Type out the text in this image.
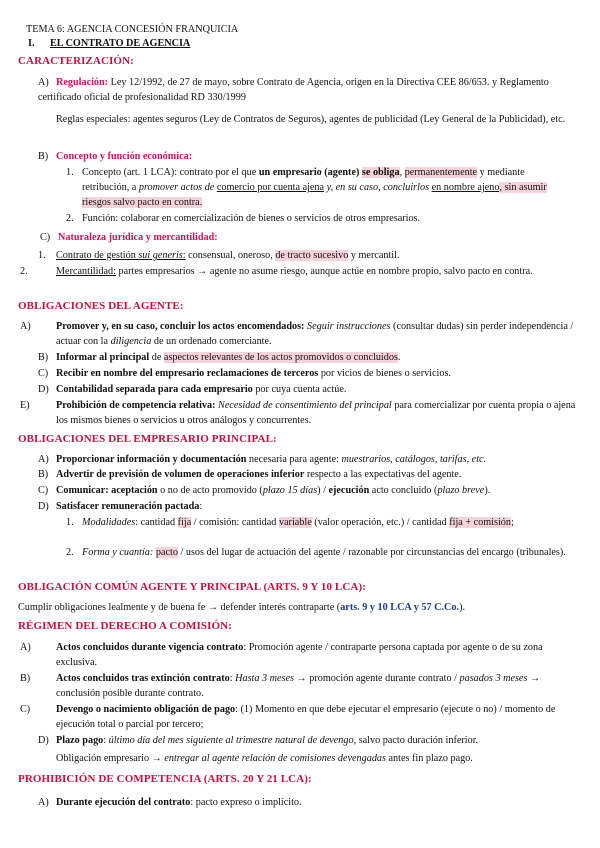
TEMA 6: AGENCIA CONCESIÓN FRANQUICIA
I. EL CONTRATO DE AGENCIA
CARACTERIZACIÓN:

A) Regulación: Ley 12/1992, de 27 de mayo, sobre Contrato de Agencia, origen en la Directiva CEE 86/653. y Reglamento certificado oficial de profesionalidad RD 330/1999

Reglas especiales: agentes seguros (Ley de Contratos de Seguros), agentes de publicidad (Ley General de la Publicidad), etc.

B) Concepto y función económica:

1. Concepto (art. 1 LCA): contrato por el que un empresario (agente) se obliga, permanentemente y mediante retribución, a promover actos de comercio por cuenta ajena y, en su caso, concluirlos en nombre ajeno, sin asumir riesgos salvo pacto en contra.

2. Función: colaborar en comercialización de bienes o servicios de otros empresarios.

C) Naturaleza jurídica y mercantilidad:

1. Contrato de gestión sui generis: consensual, oneroso, de tracto sucesivo y mercantil.

2.	Mercantilidad: partes empresarios → agente no asume riesgo, aunque actúe en nombre propio, salvo pacto en contra.

OBLIGACIONES DEL AGENTE:

A) Promover y, en su caso, concluir los actos encomendados: Seguir instrucciones (consultar dudas) sin perder independencia / actuar con la diligencia de un ordenado comerciante.

B) Informar al principal de aspectos relevantes de los actos promovidos o concluidos.

C) Recibir en nombre del empresario reclamaciones de terceros por vicios de bienes o servicios.

D) Contabilidad separada para cada empresario por cuya cuenta actúe.

E)	Prohibición de competencia relativa: Necesidad de consentimiento del principal para comercializar por cuenta propia o ajena los mismos bienes o servicios u otros análogos y concurrentes.

OBLIGACIONES DEL EMPRESARIO PRINCIPAL:

A) Proporcionar información y documentación necesaria para agente: muestrarios, catálogos, tarifas, etc.

B) Advertir de previsión de volumen de operaciones inferior respecto a las expectativas del agente.

C) Comunicar: aceptación o no de acto promovido (plazo 15 días) / ejecución acto concluido (plazo breve).

D) Satisfacer remuneración pactada:

1. Modalidades: cantidad fija / comisión: cantidad variable (valor operación, etc.) / cantidad fija + comisión;

2. Forma y cuantía: pacto / usos del lugar de actuación del agente / razonable por circunstancias del encargo (tribunales).

OBLIGACIÓN COMÚN AGENTE Y PRINCIPAL (ARTS. 9 Y 10 LCA):

Cumplir obligaciones lealmente y de buena fe → defender interés contraparte (arts. 9 y 10 LCA y 57 C.Co.).

RÉGIMEN DEL DERECHO A COMISIÓN:

A) Actos concluidos durante vigencia contrato: Promoción agente / contraparte persona captada por agente o de su zona exclusiva.

B)	Actos concluidos tras extinción contrato: Hasta 3 meses → promoción agente durante contrato / pasados 3 meses → conclusión posible durante contrato.

C)	Devengo o nacimiento obligación de pago: (1) Momento en que debe ejecutar el empresario (ejecute o no) / momento de ejecución total o parcial por tercero;

D) Plazo pago: último día del mes siguiente al trimestre natural de devengo, salvo pacto duración inferior.

Obligación empresario → entregar al agente relación de comisiones devengadas antes fin plazo pago.

PROHIBICIÓN DE COMPETENCIA (ARTS. 20 Y 21 LCA):

A) Durante ejecución del contrato: pacto expreso o implícito.
